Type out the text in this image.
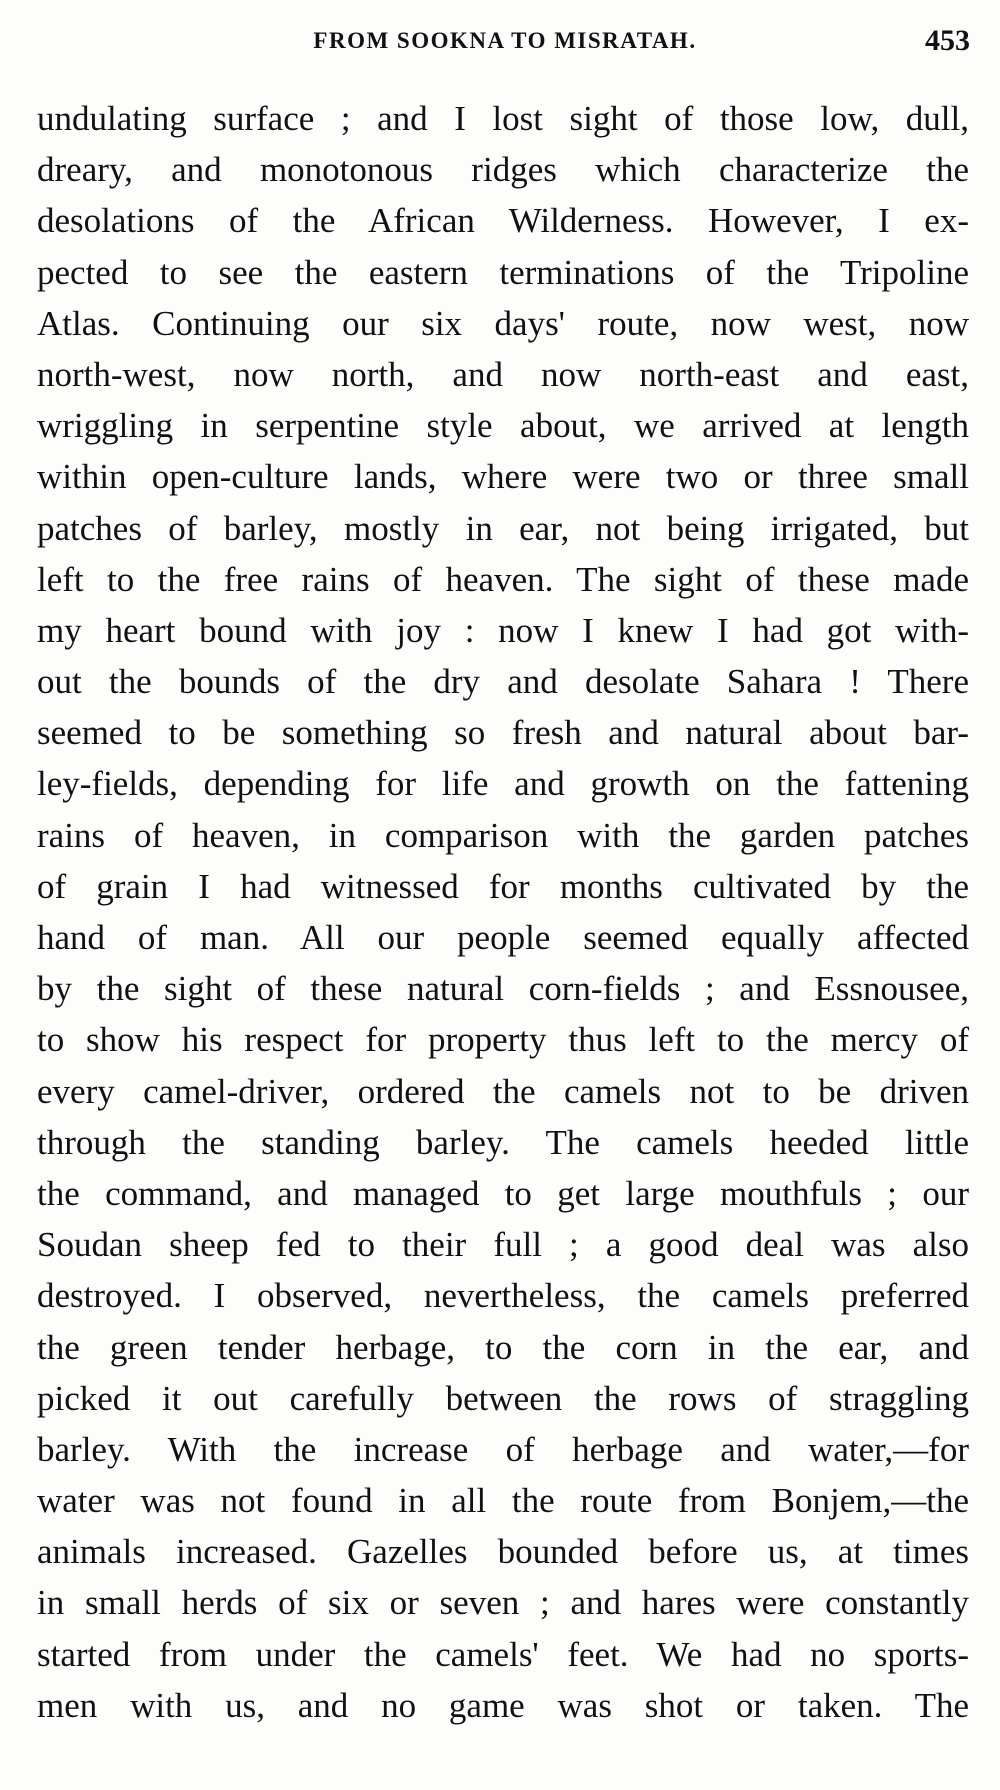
FROM SOOKNA TO MISRATAH.	453
undulating surface ; and I lost sight of those low, dull,
dreary, and monotonous ridges which characterize the
desolations of the African Wilderness. However, I ex-
pected to see the eastern terminations of the Tripoline
Atlas. Continuing our six days' route, now west, now
north-west, now north, and now north-east and east,
wriggling in serpentine style about, we arrived at length
within open-culture lands, where were two or three small
patches of barley, mostly in ear, not being irrigated, but
left to the free rains of heaven. The sight of these made
my heart bound with joy : now I knew I had got with-
out the bounds of the dry and desolate Sahara ! There
seemed to be something so fresh and natural about bar-
ley-fields, depending for life and growth on the fattening
rains of heaven, in comparison with the garden patches
of grain I had witnessed for months cultivated by the
hand of man. All our people seemed equally affected
by the sight of these natural corn-fields ; and Essnousee,
to show his respect for property thus left to the mercy of
every camel-driver, ordered the camels not to be driven
through the standing barley. The camels heeded little
the command, and managed to get large mouthfuls ; our
Soudan sheep fed to their full ; a good deal was also
destroyed. I observed, nevertheless, the camels preferred
the green tender herbage, to the corn in the ear, and
picked it out carefully between the rows of straggling
barley. With the increase of herbage and water,—for
water was not found in all the route from Bonjem,—the
animals increased. Gazelles bounded before us, at times
in small herds of six or seven ; and hares were constantly
started from under the camels' feet. We had no sports-
men with us, and no game was shot or taken. The
